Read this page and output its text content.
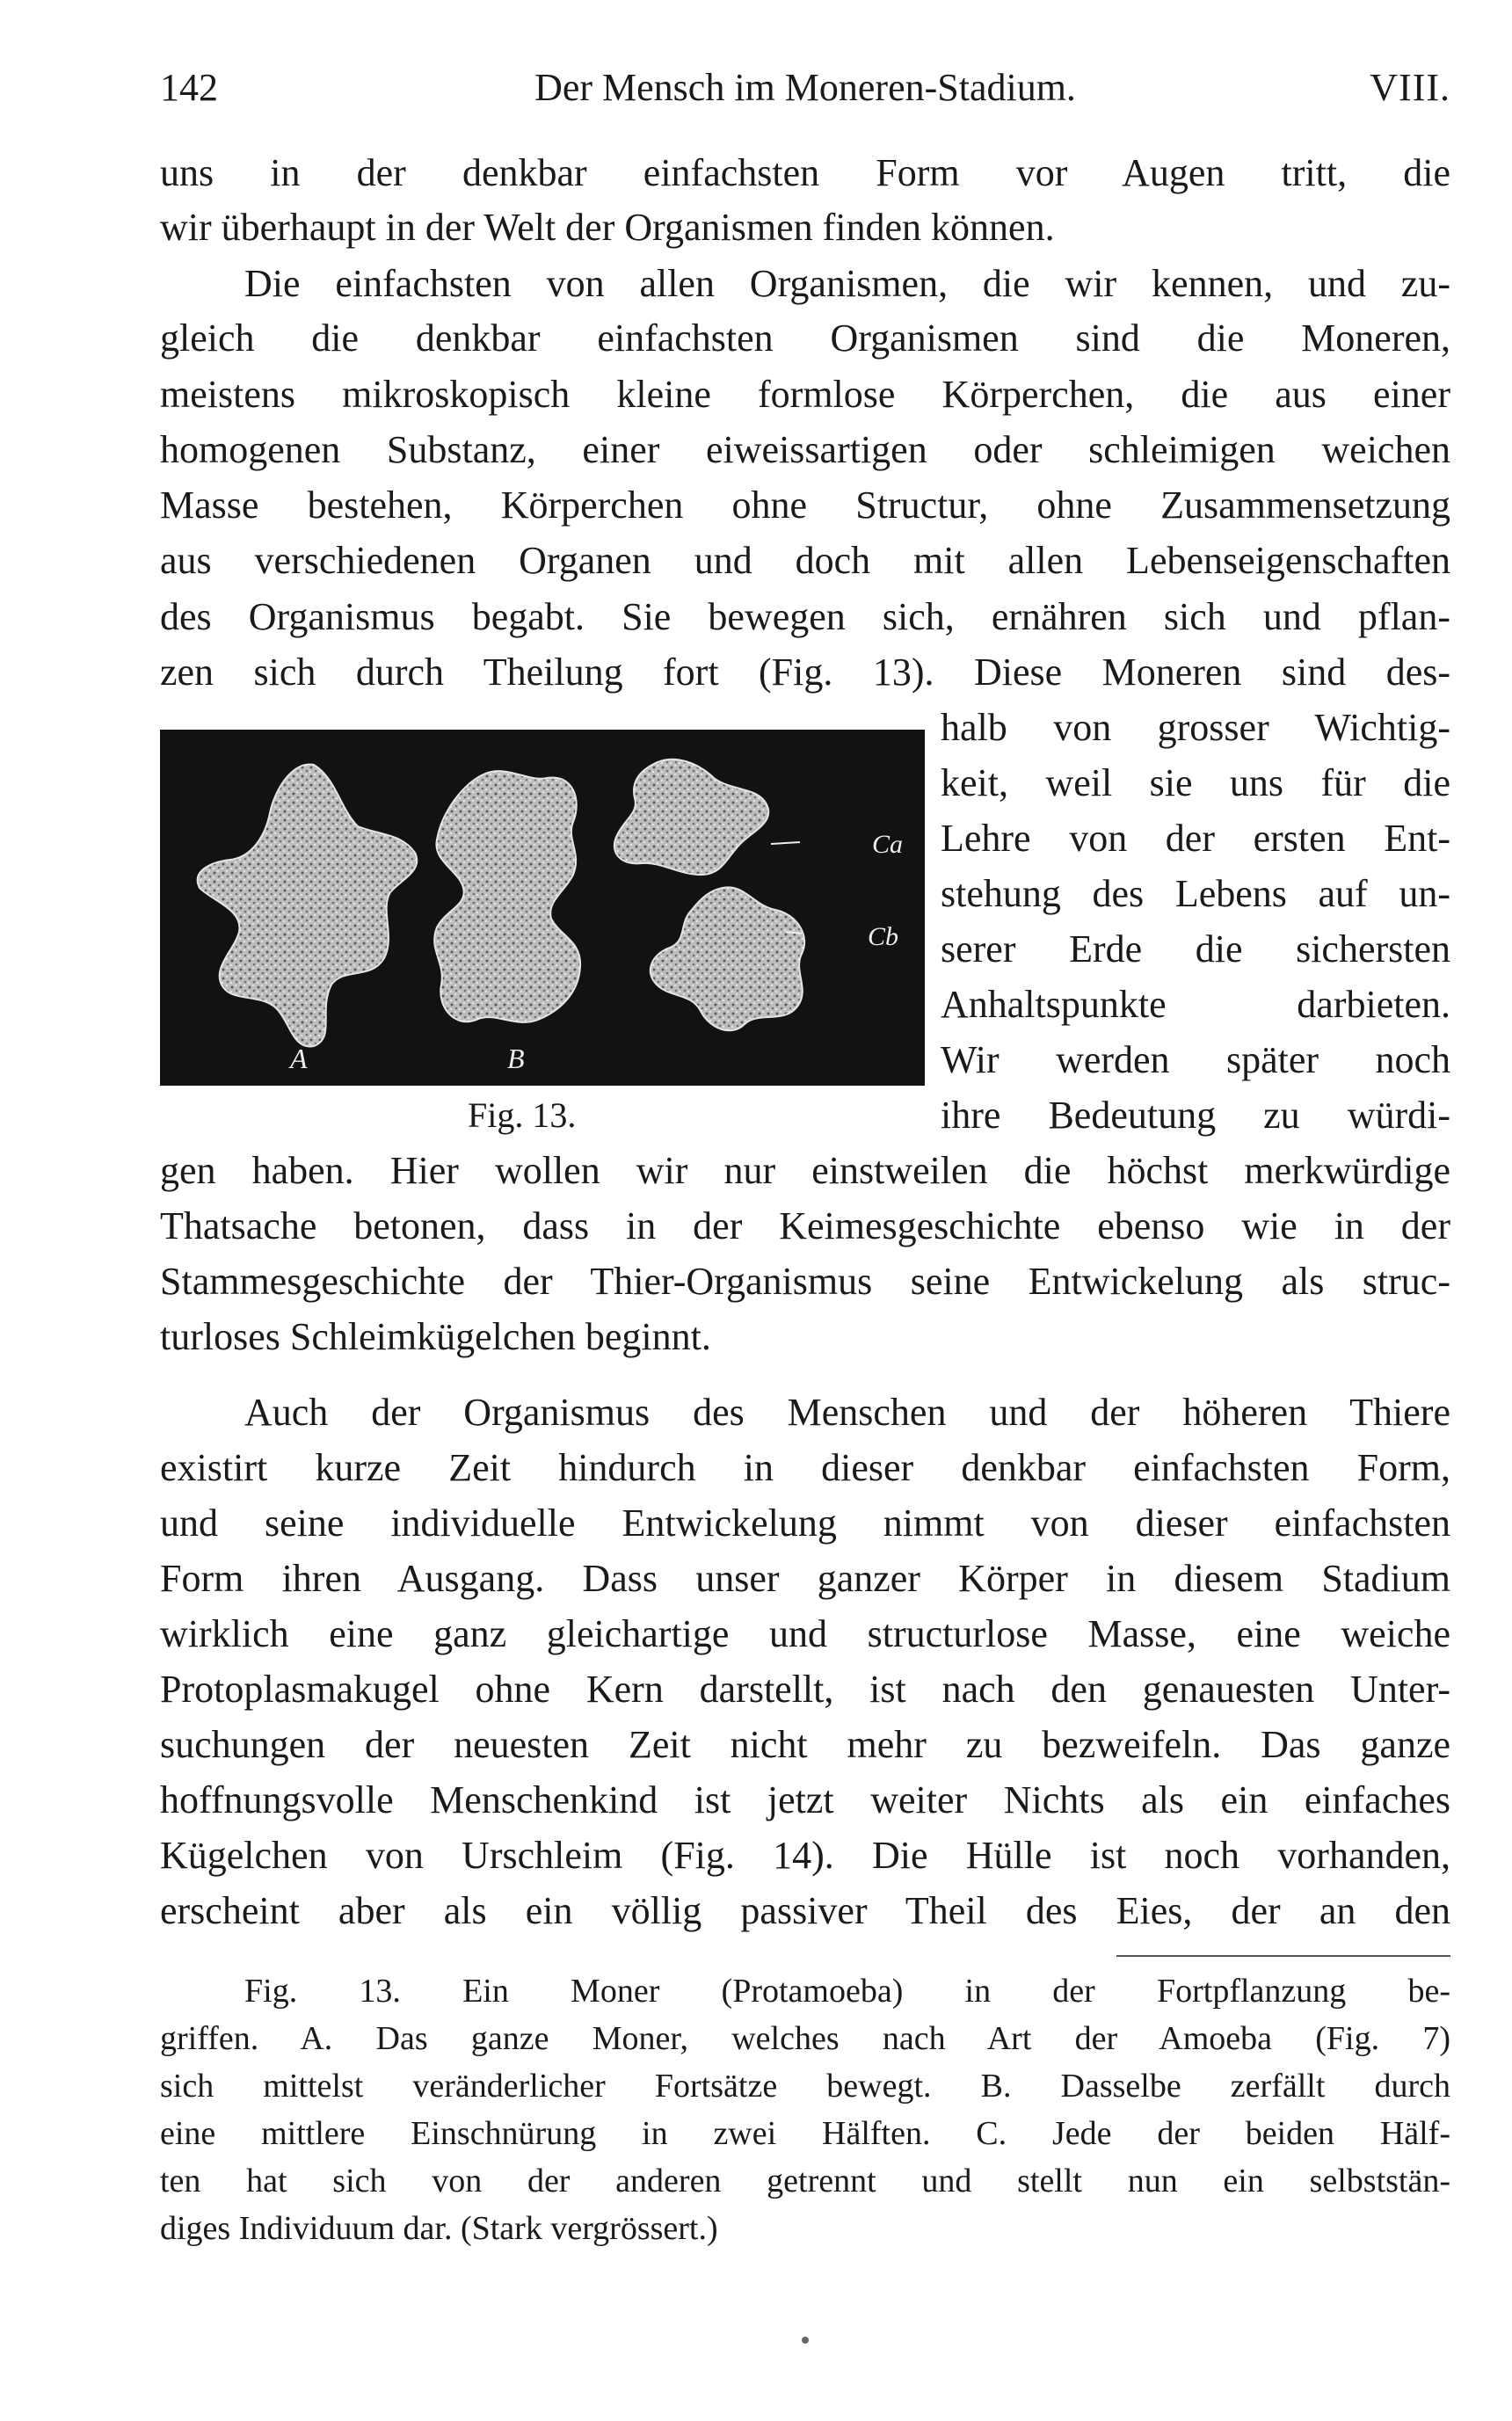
142	Der Mensch im Moneren-Stadium.	VIII.
uns in der denkbar einfachsten Form vor Augen tritt, die
wir überhaupt in der Welt der Organismen finden können.
Die einfachsten von allen Organismen, die wir kennen, und zu-
gleich die denkbar einfachsten Organismen sind die Moneren,
meistens mikroskopisch kleine formlose Körperchen, die aus einer
homogenen Substanz, einer eiweissartigen oder schleimigen weichen
Masse bestehen, Körperchen ohne Structur, ohne Zusammensetzung
aus verschiedenen Organen und doch mit allen Lebenseigenschaften
des Organismus begabt. Sie bewegen sich, ernähren sich und pflan-
zen sich durch Theilung fort (Fig. 13). Diese Moneren sind des-
halb von grosser Wichtig-
keit, weil sie uns für die
Lehre von der ersten Ent-
stehung des Lebens auf un-
serer Erde die sichersten
Anhaltspunkte darbieten.
Wir werden später noch
ihre Bedeutung zu würdi-
gen haben. Hier wollen wir nur einstweilen die höchst merkwürdige
Thatsache betonen, dass in der Keimesgeschichte ebenso wie in der
Stammesgeschichte der Thier-Organismus seine Entwickelung als struc-
turloses Schleimkügelchen beginnt.
Auch der Organismus des Menschen und der höheren Thiere
existirt kurze Zeit hindurch in dieser denkbar einfachsten Form,
und seine individuelle Entwickelung nimmt von dieser einfachsten
Form ihren Ausgang. Dass unser ganzer Körper in diesem Stadium
wirklich eine ganz gleichartige und structurlose Masse, eine weiche
Protoplasmakugel ohne Kern darstellt, ist nach den genauesten Unter-
suchungen der neuesten Zeit nicht mehr zu bezweifeln. Das ganze
hoffnungsvolle Menschenkind ist jetzt weiter Nichts als ein einfaches
Kügelchen von Urschleim (Fig. 14). Die Hülle ist noch vorhanden,
erscheint aber als ein völlig passiver Theil des Eies, der an den
A	B
Ca
Cb
Fig. 13.
Fig. 13. Ein Moner (Protamoeba) in der Fortpflanzung be-
griffen. A. Das ganze Moner, welches nach Art der Amoeba (Fig. 7)
sich mittelst veränderlicher Fortsätze bewegt. B. Dasselbe zerfällt durch
eine mittlere Einschnürung in zwei Hälften. C. Jede der beiden Hälf-
ten hat sich von der anderen getrennt und stellt nun ein selbststän-
diges Individuum dar. (Stark vergrössert.)
